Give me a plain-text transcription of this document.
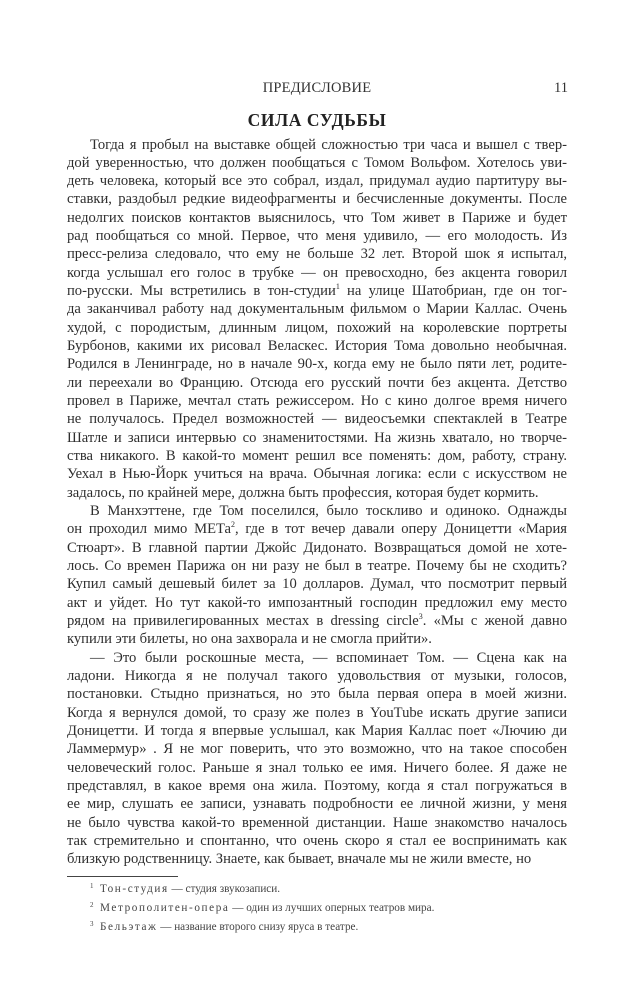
ПРЕДИСЛОВИЕ	11
СИЛА СУДЬБЫ
Тогда я пробыл на выставке общей сложностью три часа и вышел с твер-
дой уверенностью, что должен пообщаться с Томом Вольфом. Хотелось уви-
деть человека, который все это собрал, издал, придумал аудио партитуру вы-
ставки, раздобыл редкие видеофрагменты и бесчисленные документы. После
недолгих поисков контактов выяснилось, что Том живет в Париже и будет
рад пообщаться со мной. Первое, что меня удивило, — его молодость. Из
пресс-релиза следовало, что ему не больше 32 лет. Второй шок я испытал,
когда услышал его голос в трубке — он превосходно, без акцента говорил
по-русски. Мы встретились в тон-студии$^1$ на улице Шатобриан, где он тог-
да заканчивал работу над документальным фильмом о Марии Каллас. Очень
худой, с породистым, длинным лицом, похожий на королевские портреты
Бурбонов, какими их рисовал Веласкес. История Тома довольно необычная.
Родился в Ленинграде, но в начале 90-х, когда ему не было пяти лет, родите-
ли переехали во Францию. Отсюда его русский почти без акцента. Детство
провел в Париже, мечтал стать режиссером. Но с кино долгое время ничего
не получалось. Предел возможностей — видеосъемки спектаклей в Театре
Шатле и записи интервью со знаменитостями. На жизнь хватало, но творче-
ства никакого. В какой-то момент решил все поменять: дом, работу, страну.
Уехал в Нью-Йорк учиться на врача. Обычная логика: если с искусством не
задалось, по крайней мере, должна быть профессия, которая будет кормить.
В Манхэттене, где Том поселился, было тоскливо и одиноко. Однажды
он проходил мимо МЕТа$^2$, где в тот вечер давали оперу Доницетти «Мария
Стюарт». В главной партии Джойс Дидонато. Возвращаться домой не хоте-
лось. Со времен Парижа он ни разу не был в театре. Почему бы не сходить?
Купил самый дешевый билет за 10 долларов. Думал, что посмотрит первый
акт и уйдет. Но тут какой-то импозантный господин предложил ему место
рядом на привилегированных местах в dressing circle$^3$. «Мы с женой давно
купили эти билеты, но она захворала и не смогла прийти».
— Это были роскошные места, — вспоминает Том. — Сцена как на
ладони. Никогда я не получал такого удовольствия от музыки, голосов,
постановки. Стыдно признаться, но это была первая опера в моей жизни.
Когда я вернулся домой, то сразу же полез в YouTube искать другие записи
Доницетти. И тогда я впервые услышал, как Мария Каллас поет «Лючию ди
Ламмермур» . Я не мог поверить, что это возможно, что на такое способен
человеческий голос. Раньше я знал только ее имя. Ничего более. Я даже не
представлял, в какое время она жила. Поэтому, когда я стал погружаться в
ее мир, слушать ее записи, узнавать подробности ее личной жизни, у меня
не было чувства какой-то временной дистанции. Наше знакомство началось
так стремительно и спонтанно, что очень скоро я стал ее воспринимать как
близкую родственницу. Знаете, как бывает, вначале мы не жили вместе, но
1 Тон-студия — студия звукозаписи.
2 Метрополитен-опера — один из лучших оперных театров мира.
3 Бельэтаж — название второго снизу яруса в театре.
